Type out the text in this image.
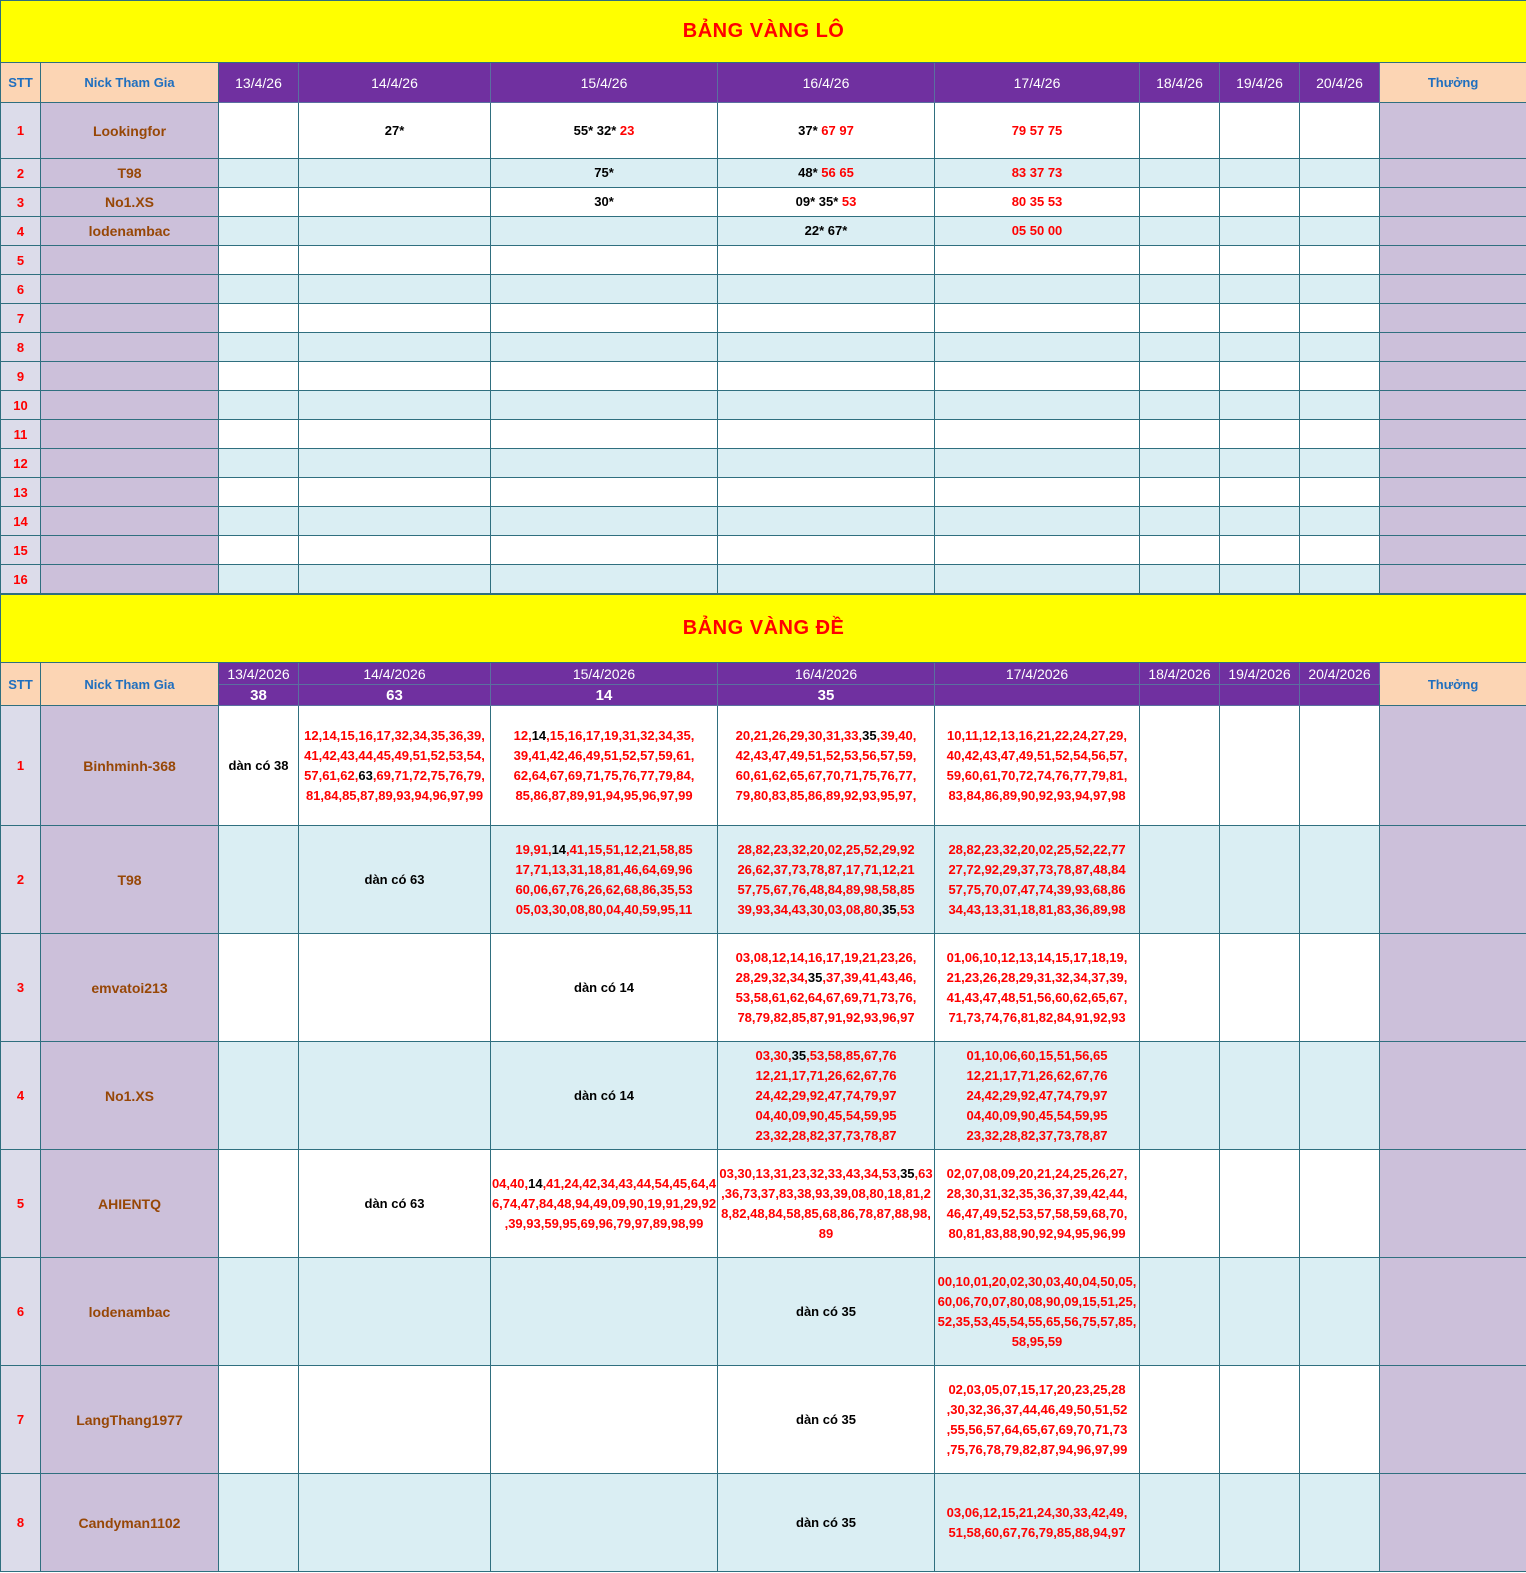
BẢNG VÀNG LÔ										
STT	Nick Tham Gia	13/4/26	14/4/26	15/4/26	16/4/26	17/4/26	18/4/26	19/4/26	20/4/26	Thưởng
1	Lookingfor		27*	55* 32* 23	37* 67 97	79 57 75				
2	T98			75*	48* 56 65	83 37 73				
3	No1.XS			30*	09* 35* 53	80 35 53				
4	lodenambac				22* 67*	05 50 00				
5										
6										
7										
8										
9										
10										
11										
12										
13										
14										
15										
16										
BẢNG VÀNG ĐỀ										
STT	Nick Tham Gia	13/4/2026	14/4/2026	15/4/2026	16/4/2026	17/4/2026	18/4/2026	19/4/2026	20/4/2026	Thưởng
		38	63	14	35					
1	Binhminh-368	dàn có 38	12,14,15,16,17,32,34,35,36,39,
41,42,43,44,45,49,51,52,53,54,
57,61,62,63,69,71,72,75,76,79,
81,84,85,87,89,93,94,96,97,99	12,14,15,16,17,19,31,32,34,35,
39,41,42,46,49,51,52,57,59,61,
62,64,67,69,71,75,76,77,79,84,
85,86,87,89,91,94,95,96,97,99	20,21,26,29,30,31,33,35,39,40,
42,43,47,49,51,52,53,56,57,59,
60,61,62,65,67,70,71,75,76,77,
79,80,83,85,86,89,92,93,95,97,	10,11,12,13,16,21,22,24,27,29,
40,42,43,47,49,51,52,54,56,57,
59,60,61,70,72,74,76,77,79,81,
83,84,86,89,90,92,93,94,97,98				
2	T98		dàn có 63	19,91,14,41,15,51,12,21,58,85
17,71,13,31,18,81,46,64,69,96
60,06,67,76,26,62,68,86,35,53
05,03,30,08,80,04,40,59,95,11	28,82,23,32,20,02,25,52,29,92
26,62,37,73,78,87,17,71,12,21
57,75,67,76,48,84,89,98,58,85
39,93,34,43,30,03,08,80,35,53	28,82,23,32,20,02,25,52,22,77
27,72,92,29,37,73,78,87,48,84
57,75,70,07,47,74,39,93,68,86
34,43,13,31,18,81,83,36,89,98				
3	emvatoi213			dàn có 14	03,08,12,14,16,17,19,21,23,26,
28,29,32,34,35,37,39,41,43,46,
53,58,61,62,64,67,69,71,73,76,
78,79,82,85,87,91,92,93,96,97	01,06,10,12,13,14,15,17,18,19,
21,23,26,28,29,31,32,34,37,39,
41,43,47,48,51,56,60,62,65,67,
71,73,74,76,81,82,84,91,92,93				
4	No1.XS			dàn có 14	03,30,35,53,58,85,67,76
12,21,17,71,26,62,67,76
24,42,29,92,47,74,79,97
04,40,09,90,45,54,59,95
23,32,28,82,37,73,78,87	01,10,06,60,15,51,56,65
12,21,17,71,26,62,67,76
24,42,29,92,47,74,79,97
04,40,09,90,45,54,59,95
23,32,28,82,37,73,78,87				
5	AHIENTQ		dàn có 63	04,40,14,41,24,42,34,43,44,54,45,64,4
6,74,47,84,48,94,49,09,90,19,91,29,92
,39,93,59,95,69,96,79,97,89,98,99	03,30,13,31,23,32,33,43,34,53,35,63
,36,73,37,83,38,93,39,08,80,18,81,2
8,82,48,84,58,85,68,86,78,87,88,98,
89	02,07,08,09,20,21,24,25,26,27,
28,30,31,32,35,36,37,39,42,44,
46,47,49,52,53,57,58,59,68,70,
80,81,83,88,90,92,94,95,96,99				
6	lodenambac				dàn có 35	00,10,01,20,02,30,03,40,04,50,05,
60,06,70,07,80,08,90,09,15,51,25,
52,35,53,45,54,55,65,56,75,57,85,
58,95,59				
7	LangThang1977				dàn có 35	02,03,05,07,15,17,20,23,25,28
,30,32,36,37,44,46,49,50,51,52
,55,56,57,64,65,67,69,70,71,73
,75,76,78,79,82,87,94,96,97,99				
8	Candyman1102				dàn có 35	03,06,12,15,21,24,30,33,42,49,
51,58,60,67,76,79,85,88,94,97				
